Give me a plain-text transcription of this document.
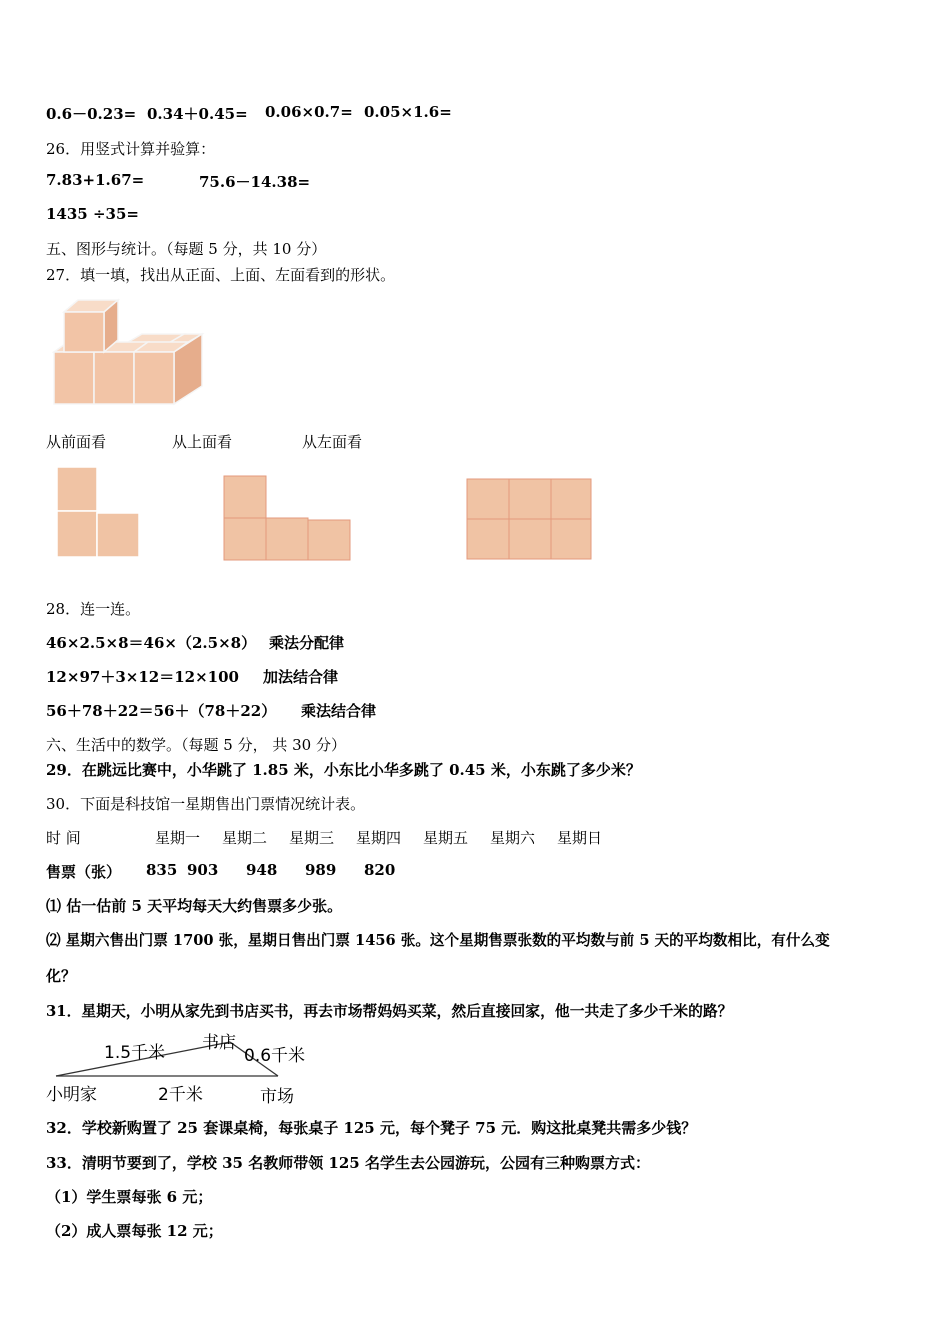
0.6－0.23= 0.34＋0.45= 0.06×0.7= 0.05×1.6=
26．用竖式计算并验算：
7.83+1.67=	75.6－14.38=
1435 ÷35=
五、图形与统计。（每题 5 分，共 10 分）
27．填一填，找出从正面、上面、左面看到的形状。
从前面看	从上面看	从左面看
28．连一连。
46×2.5×8＝46×（2.5×8） 乘法分配律
12×97＋3×12＝12×100 加法结合律
56＋78＋22＝56＋（78＋22） 乘法结合律
六、生活中的数学。（每题 5 分， 共 30 分）
29．在跳远比赛中，小华跳了 1.85 米，小东比小华多跳了 0.45 米，小东跳了多少米？
30．下面是科技馆一星期售出门票情况统计表。
时 间	星期一 星期二 星期三 星期四 星期五 星期六 星期日
售票（张） 835 903 948 989 820
⑴ 估一估前 5 天平均每天大约售票多少张。
⑵ 星期六售出门票 1700 张，星期日售出门票 1456 张。这个星期售票张数的平均数与前 5 天的平均数相比，有什么变
化？
31．星期天，小明从家先到书店买书，再去市场帮妈妈买菜，然后直接回家，他一共走了多少千米的路？
1.5千米 书店
0.6千米
小明家	2千米	市场
32．学校新购置了 25 套课桌椅，每张桌子 125 元，每个凳子 75 元．购这批桌凳共需多少钱？
33．清明节要到了，学校 35 名教师带领 125 名学生去公园游玩，公园有三种购票方式：
（1）学生票每张 6 元；
（2）成人票每张 12 元；
